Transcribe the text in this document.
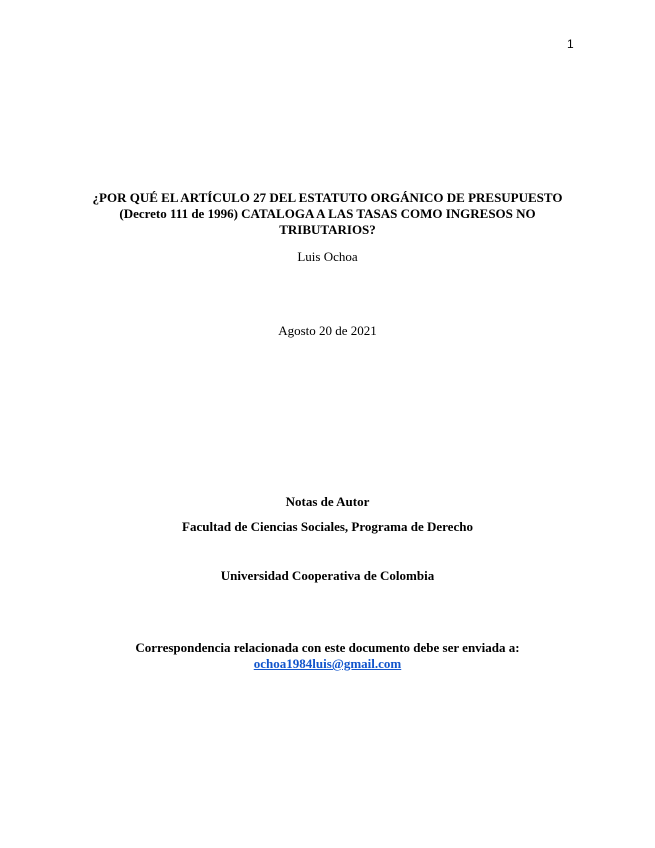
1
¿POR QUÉ EL ARTÍCULO 27 DEL ESTATUTO ORGÁNICO DE PRESUPUESTO (Decreto 111 de 1996) CATALOGA A LAS TASAS COMO INGRESOS NO TRIBUTARIOS?
Luis Ochoa
Agosto 20 de 2021
Notas de Autor
Facultad de Ciencias Sociales, Programa de Derecho
Universidad Cooperativa de Colombia
Correspondencia relacionada con este documento debe ser enviada a:
ochoa1984luis@gmail.com
